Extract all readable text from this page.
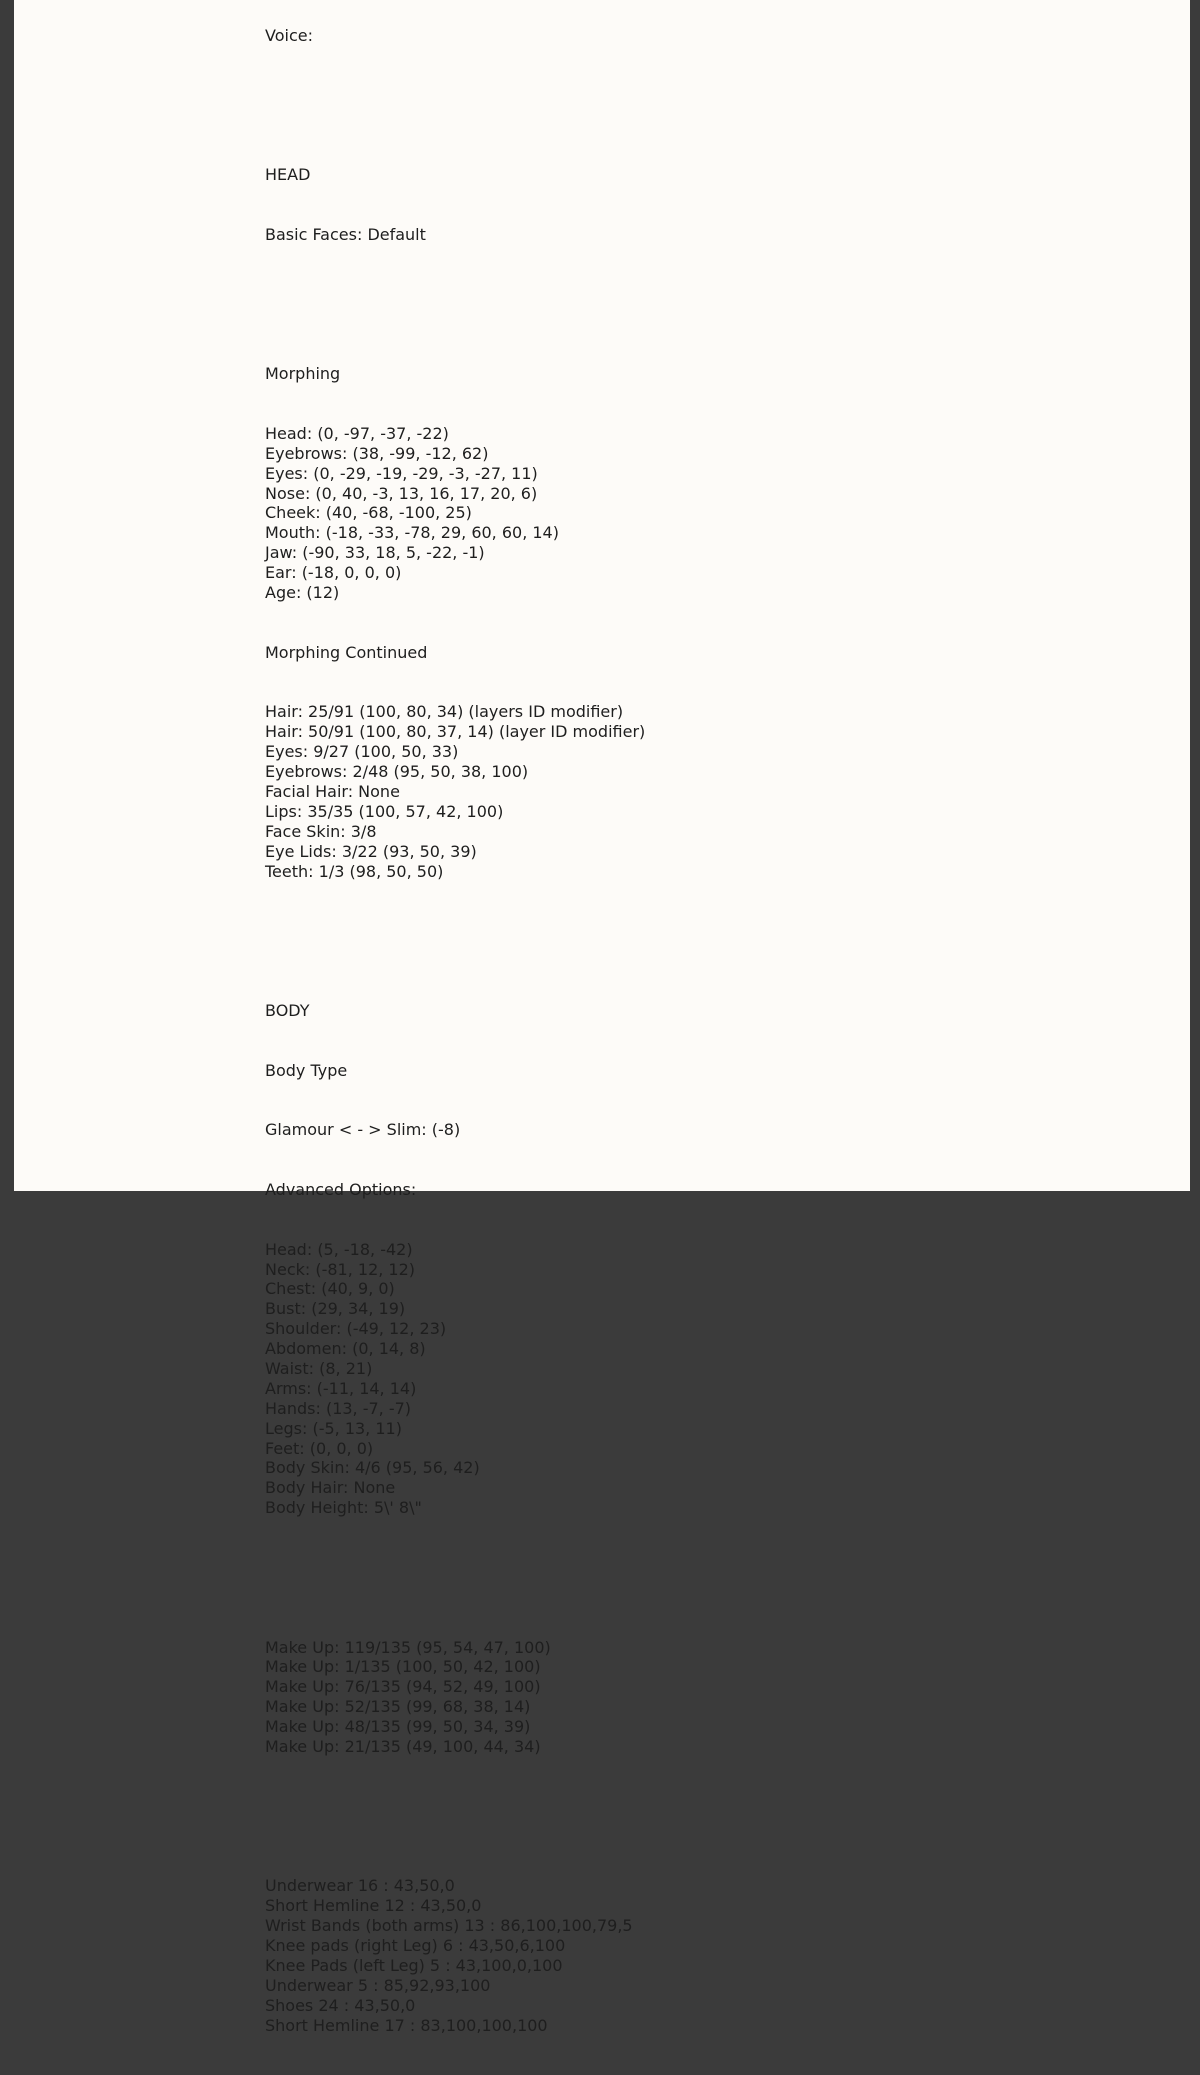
Voice:

HEAD

Basic Faces: Default

Morphing

Head: (0, -97, -37, -22)
Eyebrows: (38, -99, -12, 62)
Eyes: (0, -29, -19, -29, -3, -27, 11)
Nose: (0, 40, -3, 13, 16, 17, 20, 6)
Cheek: (40, -68, -100, 25)
Mouth: (-18, -33, -78, 29, 60, 60, 14)
Jaw: (-90, 33, 18, 5, -22, -1)
Ear: (-18, 0, 0, 0)
Age: (12)

Morphing Continued

Hair: 25/91 (100, 80, 34) (layers ID modifier)
Hair: 50/91 (100, 80, 37, 14) (layer ID modifier)
Eyes: 9/27 (100, 50, 33)
Eyebrows: 2/48 (95, 50, 38, 100)
Facial Hair: None
Lips: 35/35 (100, 57, 42, 100)
Face Skin: 3/8
Eye Lids: 3/22 (93, 50, 39)
Teeth: 1/3 (98, 50, 50)

BODY

Body Type

Glamour < - > Slim: (-8)

Advanced Options:

Head: (5, -18, -42)
Neck: (-81, 12, 12)
Chest: (40, 9, 0)
Bust: (29, 34, 19)
Shoulder: (-49, 12, 23)
Abdomen: (0, 14, 8)
Waist: (8, 21)
Arms: (-11, 14, 14)
Hands: (13, -7, -7)
Legs: (-5, 13, 11)
Feet: (0, 0, 0)
Body Skin: 4/6 (95, 56, 42)
Body Hair: None
Body Height: 5\' 8\"

Make Up: 119/135 (95, 54, 47, 100)
Make Up: 1/135 (100, 50, 42, 100)
Make Up: 76/135 (94, 52, 49, 100)
Make Up: 52/135 (99, 68, 38, 14)
Make Up: 48/135 (99, 50, 34, 39)
Make Up: 21/135 (49, 100, 44, 34)

Underwear 16 : 43,50,0
Short Hemline 12 : 43,50,0
Wrist Bands (both arms) 13 : 86,100,100,79,5
Knee pads (right Leg) 6 : 43,50,6,100
Knee Pads (left Leg) 5 : 43,100,0,100
Underwear 5 : 85,92,93,100
Shoes 24 : 43,50,0
Short Hemline 17 : 83,100,100,100
